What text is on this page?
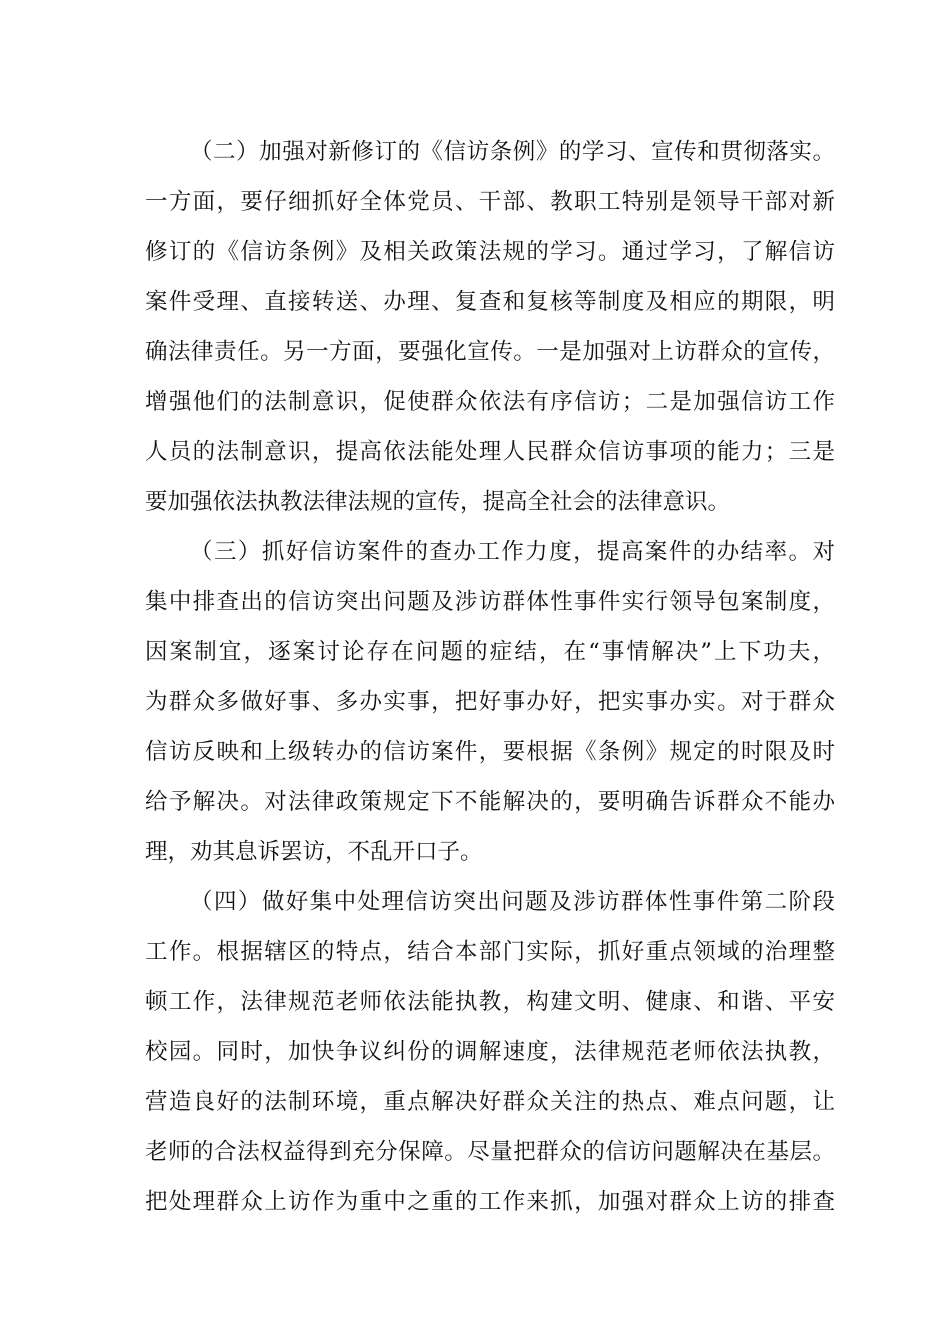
（二）加强对新修订的《信访条例》的学习、宣传和贯彻落实。
一方面，要仔细抓好全体党员、干部、教职工特别是领导干部对新
修订的《信访条例》及相关政策法规的学习。通过学习，了解信访
案件受理、直接转送、办理、复查和复核等制度及相应的期限，明
确法律责任。另一方面，要强化宣传。一是加强对上访群众的宣传，
增强他们的法制意识，促使群众依法有序信访；二是加强信访工作
人员的法制意识，提高依法能处理人民群众信访事项的能力；三是
要加强依法执教法律法规的宣传，提高全社会的法律意识。
（三）抓好信访案件的查办工作力度，提高案件的办结率。对
集中排查出的信访突出问题及涉访群体性事件实行领导包案制度，
因案制宜，逐案讨论存在问题的症结，在“事情解决”上下功夫，
为群众多做好事、多办实事，把好事办好，把实事办实。对于群众
信访反映和上级转办的信访案件，要根据《条例》规定的时限及时
给予解决。对法律政策规定下不能解决的，要明确告诉群众不能办
理，劝其息诉罢访，不乱开口子。
（四）做好集中处理信访突出问题及涉访群体性事件第二阶段
工作。根据辖区的特点，结合本部门实际，抓好重点领域的治理整
顿工作，法律规范老师依法能执教，构建文明、健康、和谐、平安
校园。同时，加快争议纠份的调解速度，法律规范老师依法执教，
营造良好的法制环境，重点解决好群众关注的热点、难点问题，让
老师的合法权益得到充分保障。尽量把群众的信访问题解决在基层。
把处理群众上访作为重中之重的工作来抓，加强对群众上访的排查
